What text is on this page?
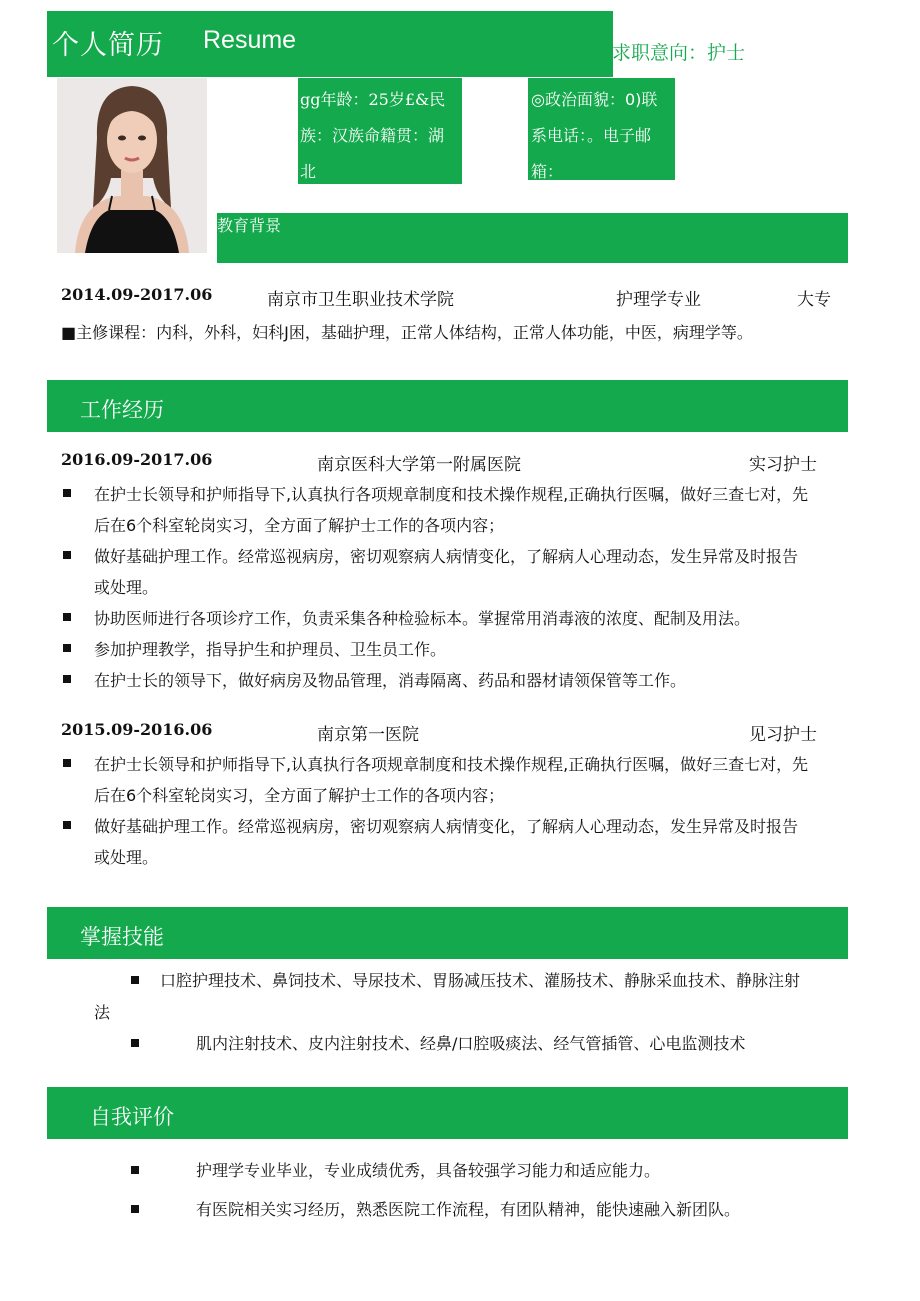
个人简历 Resume	求职意向：护士
gg年龄：25岁£&民
族：汉族命籍贯：湖
北
◎政治面貌：0)联
系电话：。电子邮
箱：
教育背景
2014.09-2017.06	南京市卫生职业技术学院	护理学专业	大专
■主修课程：内科，外科，妇科J困，基础护理，正常人体结构，正常人体功能，中医，病理学等。
工作经历
2016.09-2017.06	南京医科大学第一附属医院	实习护士
在护士长领导和护师指导下,认真执行各项规章制度和技术操作规程,正确执行医嘱，做好三查七对，先
后在6个科室轮岗实习，全方面了解护士工作的各项内容；
做好基础护理工作。经常巡视病房，密切观察病人病情变化，了解病人心理动态，发生异常及时报告
或处理。
协助医师进行各项诊疗工作，负责采集各种检验标本。掌握常用消毒液的浓度、配制及用法。
参加护理教学，指导护生和护理员、卫生员工作。
在护士长的领导下，做好病房及物品管理，消毒隔离、药品和器材请领保管等工作。
2015.09-2016.06	南京第一医院	见习护士
在护士长领导和护师指导下,认真执行各项规章制度和技术操作规程,正确执行医嘱，做好三查七对，先
后在6个科室轮岗实习，全方面了解护士工作的各项内容；
做好基础护理工作。经常巡视病房，密切观察病人病情变化，了解病人心理动态，发生异常及时报告
或处理。
掌握技能
口腔护理技术、鼻饲技术、导尿技术、胃肠减压技术、灌肠技术、静脉采血技术、静脉注射
法
肌内注射技术、皮内注射技术、经鼻/口腔吸痰法、经气管插管、心电监测技术
自我评价
护理学专业毕业，专业成绩优秀，具备较强学习能力和适应能力。
有医院相关实习经历，熟悉医院工作流程，有团队精神，能快速融入新团队。
